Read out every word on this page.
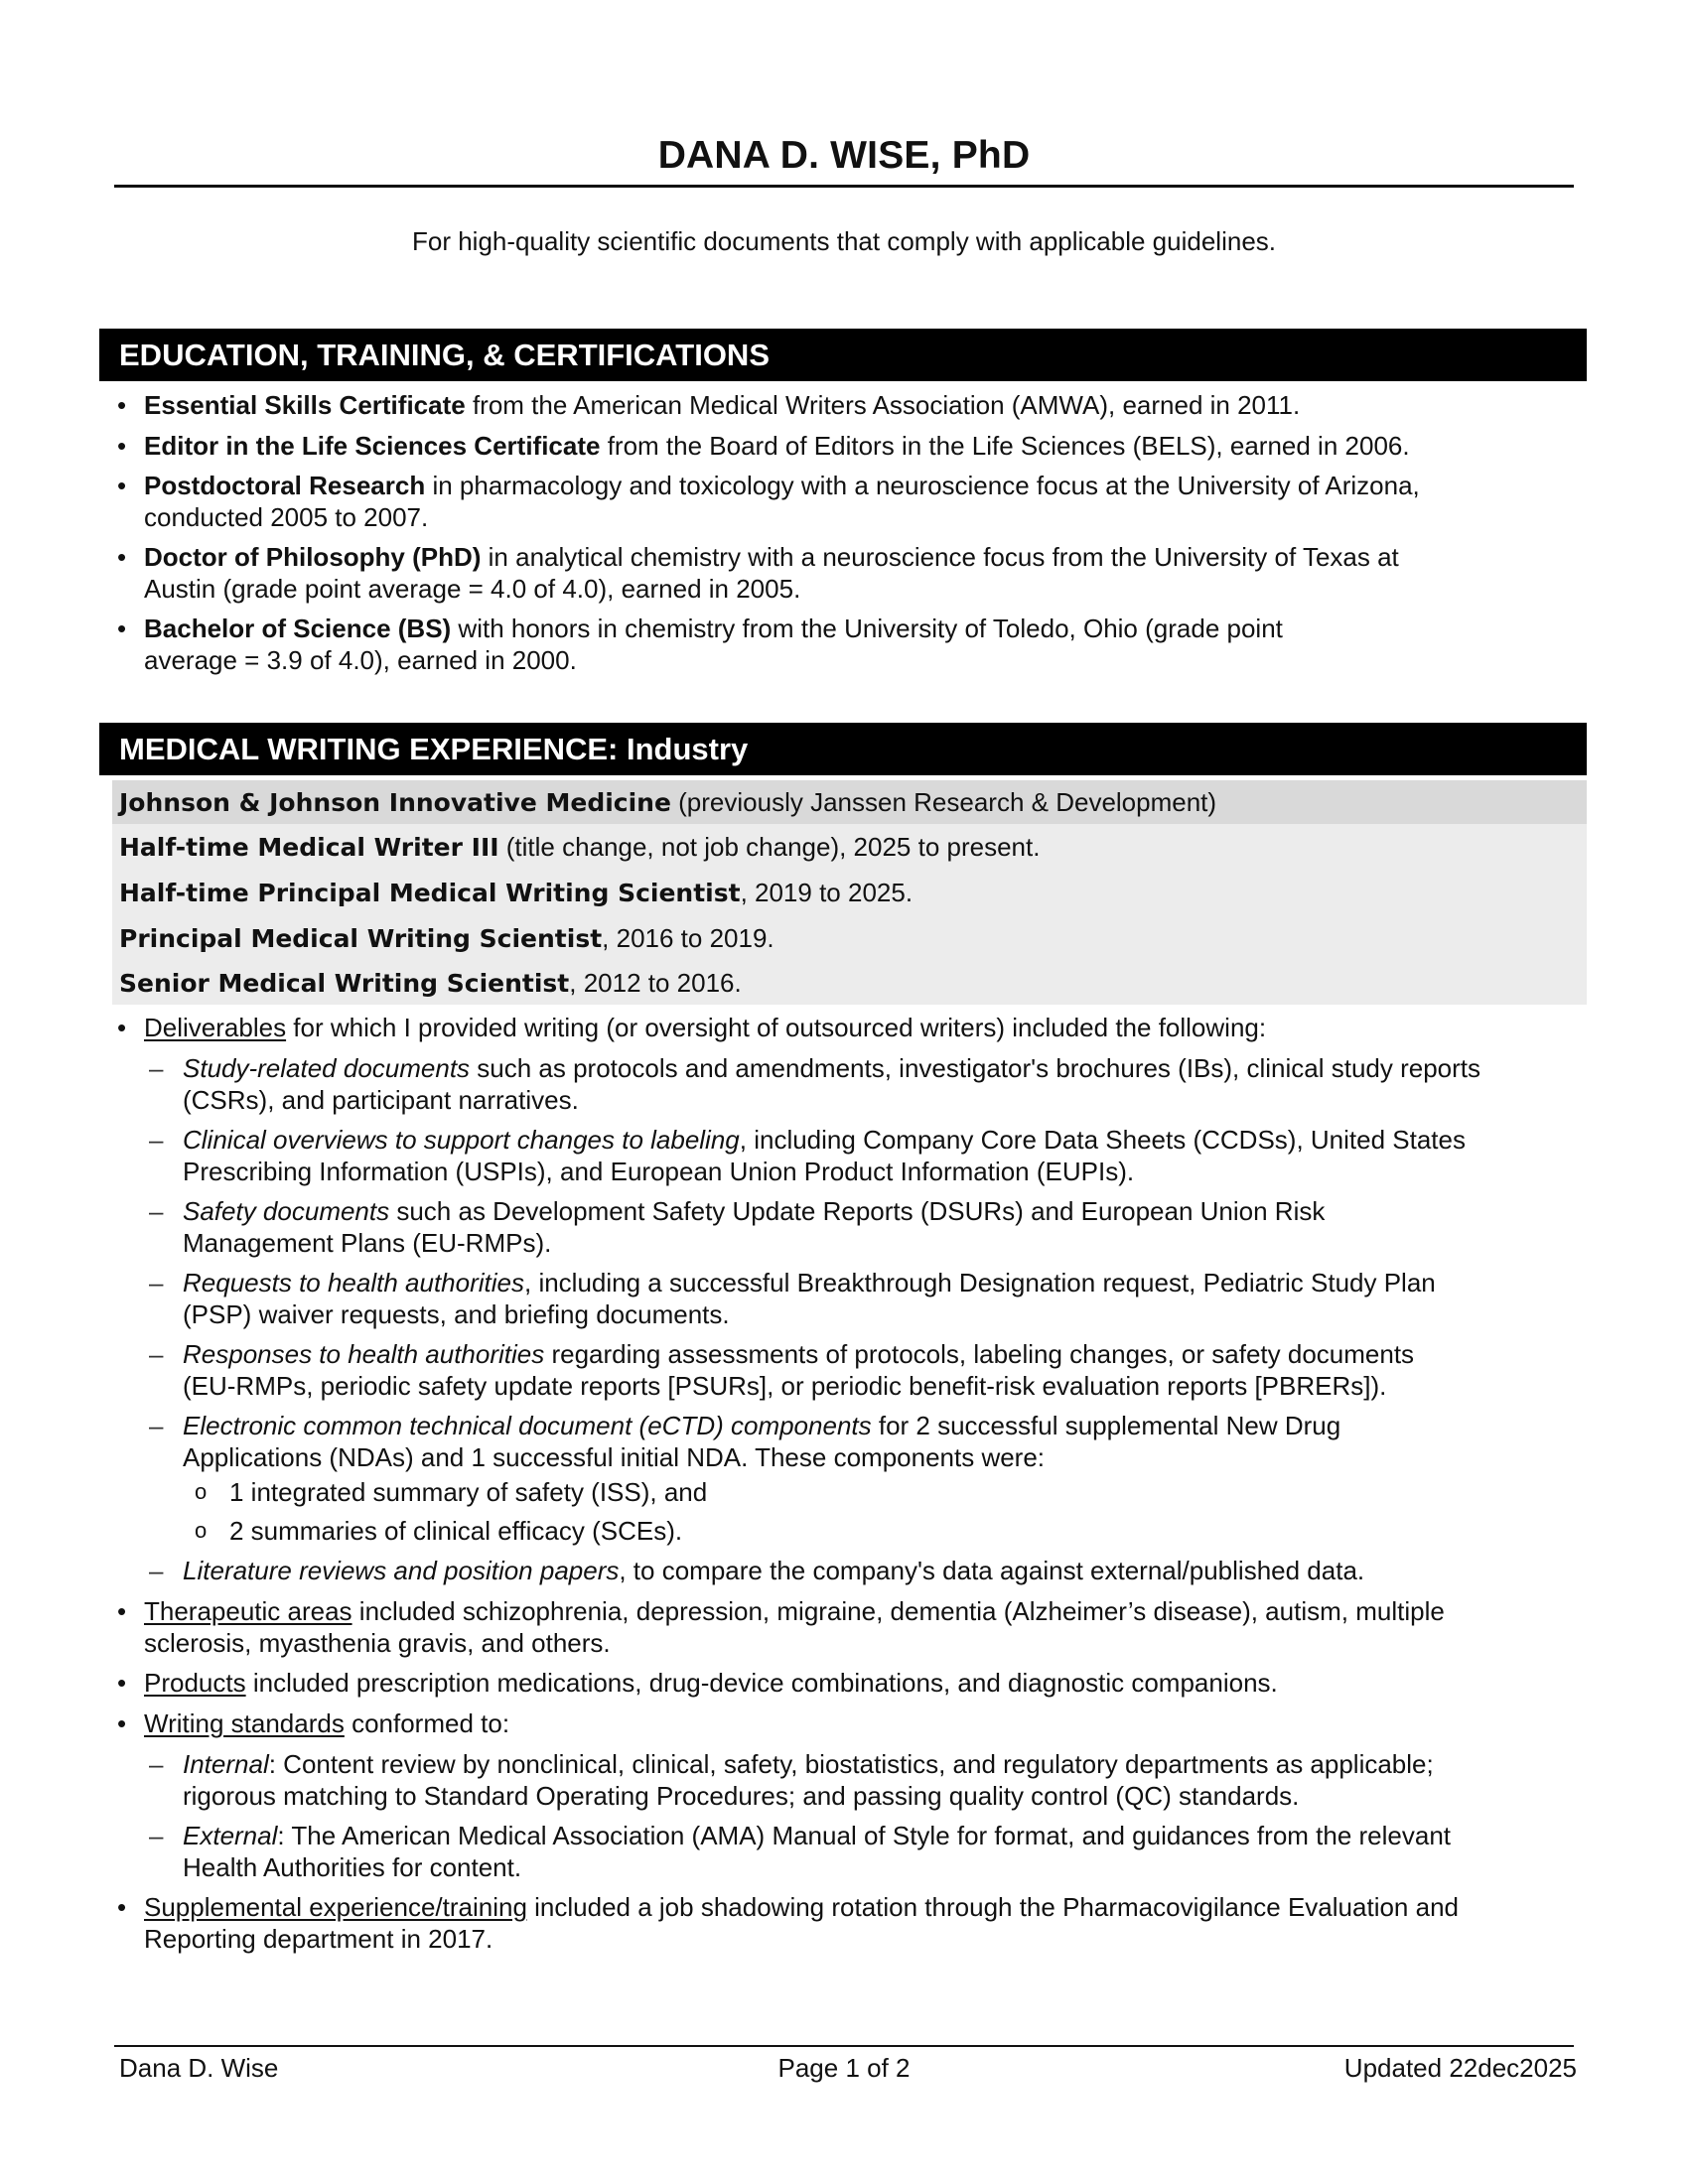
DANA D. WISE, PhD
For high-quality scientific documents that comply with applicable guidelines.
EDUCATION, TRAINING, & CERTIFICATIONS
• Essential Skills Certificate from the American Medical Writers Association (AMWA), earned in 2011.
• Editor in the Life Sciences Certificate from the Board of Editors in the Life Sciences (BELS), earned in 2006.
• Postdoctoral Research in pharmacology and toxicology with a neuroscience focus at the University of Arizona,
conducted 2005 to 2007.
• Doctor of Philosophy (PhD) in analytical chemistry with a neuroscience focus from the University of Texas at
Austin (grade point average = 4.0 of 4.0), earned in 2005.
• Bachelor of Science (BS) with honors in chemistry from the University of Toledo, Ohio (grade point
average = 3.9 of 4.0), earned in 2000.
MEDICAL WRITING EXPERIENCE: Industry
Johnson & Johnson Innovative Medicine (previously Janssen Research & Development)
Half-time Medical Writer III (title change, not job change), 2025 to present.
Half-time Principal Medical Writing Scientist, 2019 to 2025.
Principal Medical Writing Scientist, 2016 to 2019.
Senior Medical Writing Scientist, 2012 to 2016.
• Deliverables for which I provided writing (or oversight of outsourced writers) included the following:
– Study-related documents such as protocols and amendments, investigator's brochures (IBs), clinical study reports
(CSRs), and participant narratives.
– Clinical overviews to support changes to labeling, including Company Core Data Sheets (CCDSs), United States
Prescribing Information (USPIs), and European Union Product Information (EUPIs).
– Safety documents such as Development Safety Update Reports (DSURs) and European Union Risk
Management Plans (EU-RMPs).
– Requests to health authorities, including a successful Breakthrough Designation request, Pediatric Study Plan
(PSP) waiver requests, and briefing documents.
– Responses to health authorities regarding assessments of protocols, labeling changes, or safety documents
(EU-RMPs, periodic safety update reports [PSURs], or periodic benefit-risk evaluation reports [PBRERs]).
– Electronic common technical document (eCTD) components for 2 successful supplemental New Drug
Applications (NDAs) and 1 successful initial NDA. These components were:
o 1 integrated summary of safety (ISS), and
o 2 summaries of clinical efficacy (SCEs).
– Literature reviews and position papers, to compare the company's data against external/published data.
• Therapeutic areas included schizophrenia, depression, migraine, dementia (Alzheimer’s disease), autism, multiple
sclerosis, myasthenia gravis, and others.
• Products included prescription medications, drug-device combinations, and diagnostic companions.
• Writing standards conformed to:
– Internal: Content review by nonclinical, clinical, safety, biostatistics, and regulatory departments as applicable;
rigorous matching to Standard Operating Procedures; and passing quality control (QC) standards.
– External: The American Medical Association (AMA) Manual of Style for format, and guidances from the relevant
Health Authorities for content.
• Supplemental experience/training included a job shadowing rotation through the Pharmacovigilance Evaluation and
Reporting department in 2017.
Dana D. Wise	Page 1 of 2	Updated 22dec2025
